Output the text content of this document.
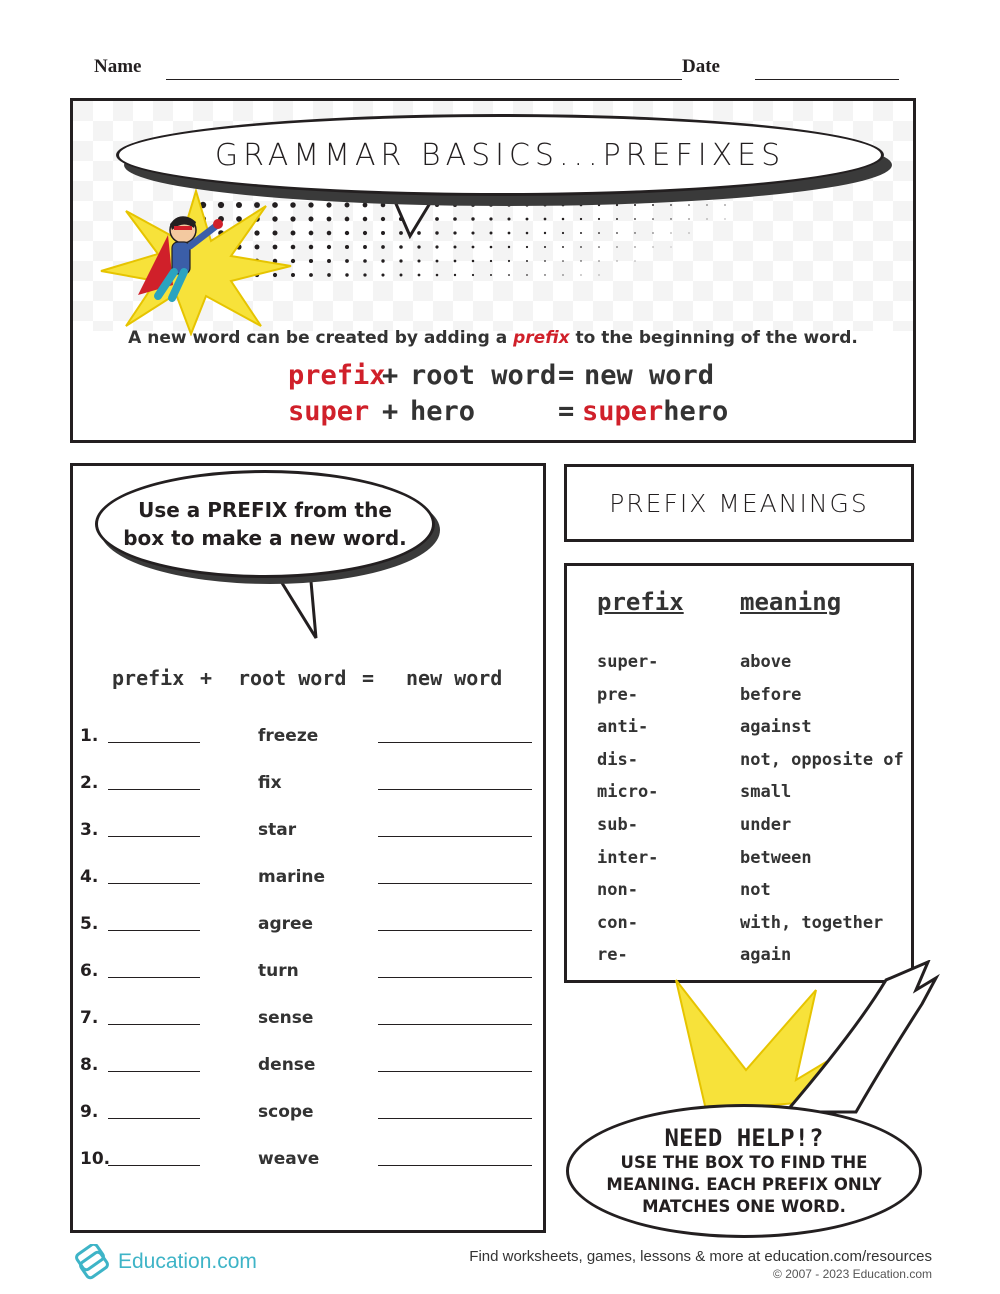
Name	Date
GRAMMAR BASICS...PREFIXES
A new word can be created by adding a prefix to the beginning of the word.
prefix
+ root word = new word
super + hero	= superhero
Use a PREFIX from the box to make a new word.
prefix + root word = new word
1.	freeze
2.	fix
3.	star
4.	marine
5.	agree
6.	turn
7.	sense
8.	dense
9.	scope
10.	weave
PREFIX MEANINGS
prefix meaning
super-	above
pre-	before
anti-	against
dis-	not, opposite of
micro-	small
sub-	under
inter-	between
non-	not
con-	with, together
re-	again
NEED HELP!?
USE THE BOX TO FIND THE MEANING. EACH PREFIX ONLY MATCHES ONE WORD.
Education.com	Find worksheets, games, lessons & more at education.com/resources
© 2007 - 2023 Education.com
